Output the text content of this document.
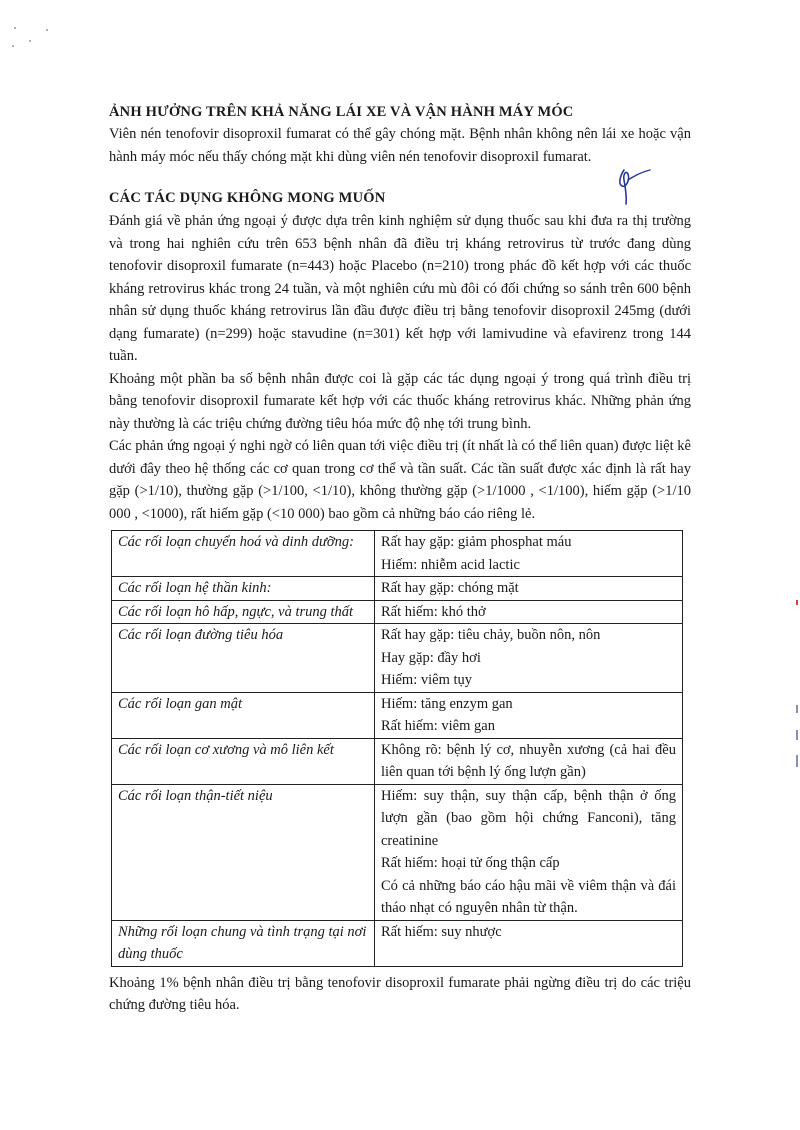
ẢNH HƯỞNG TRÊN KHẢ NĂNG LÁI XE VÀ VẬN HÀNH MÁY MÓC

Viên nén tenofovir disoproxil fumarat có thể gây chóng mặt. Bệnh nhân không nên lái xe hoặc vận hành máy móc nếu thấy chóng mặt khi dùng viên nén tenofovir disoproxil fumarat.

CÁC TÁC DỤNG KHÔNG MONG MUỐN

Đánh giá về phản ứng ngoại ý được dựa trên kinh nghiệm sử dụng thuốc sau khi đưa ra thị trường và trong hai nghiên cứu trên 653 bệnh nhân đã điều trị kháng retrovirus từ trước đang dùng tenofovir disoproxil fumarate (n=443) hoặc Placebo (n=210) trong phác đồ kết hợp với các thuốc kháng retrovirus khác trong 24 tuần, và một nghiên cứu mù đôi có đối chứng so sánh trên 600 bệnh nhân sử dụng thuốc kháng retrovirus lần đầu được điều trị bằng tenofovir disoproxil 245mg (dưới dạng fumarate) (n=299) hoặc stavudine (n=301) kết hợp với lamivudine và efavirenz trong 144 tuần.

Khoảng một phần ba số bệnh nhân được coi là gặp các tác dụng ngoại ý trong quá trình điều trị bằng tenofovir disoproxil fumarate kết hợp với các thuốc kháng retrovirus khác. Những phản ứng này thường là các triệu chứng đường tiêu hóa mức độ nhẹ tới trung bình.

Các phản ứng ngoại ý nghi ngờ có liên quan tới việc điều trị (ít nhất là có thể liên quan) được liệt kê dưới đây theo hệ thống các cơ quan trong cơ thể và tần suất. Các tần suất được xác định là rất hay gặp (>1/10), thường gặp (>1/100, <1/10), không thường gặp (>1/1000 , <1/100), hiếm gặp (>1/10 000 , <1000), rất hiếm gặp (<10 000) bao gồm cả những báo cáo riêng lẻ.

Các rối loạn chuyển hoá và dinh dưỡng:	Rất hay gặp: giảm phosphat máu
Hiếm: nhiễm acid lactic

Các rối loạn hệ thần kinh:	Rất hay gặp: chóng mặt

Các rối loạn hô hấp, ngực, và trung thất	Rất hiếm: khó thở

Các rối loạn đường tiêu hóa	Rất hay gặp: tiêu chảy, buồn nôn, nôn
Hay gặp: đầy hơi
Hiếm: viêm tụy

Các rối loạn gan mật	Hiếm: tăng enzym gan
Rất hiếm: viêm gan

Các rối loạn cơ xương và mô liên kết	Không rõ: bệnh lý cơ, nhuyễn xương (cả hai đều liên quan tới bệnh lý ống lượn gần)

Các rối loạn thận-tiết niệu	Hiếm: suy thận, suy thận cấp, bệnh thận ở ống lượn gần (bao gồm hội chứng Fanconi), tăng creatinine
Rất hiếm: hoại tử ống thận cấp
Có cả những báo cáo hậu mãi về viêm thận và đái tháo nhạt có nguyên nhân từ thận.

Những rối loạn chung và tình trạng tại nơi dùng thuốc	Rất hiếm: suy nhược

Khoảng 1% bệnh nhân điều trị bằng tenofovir disoproxil fumarate phải ngừng điều trị do các triệu chứng đường tiêu hóa.
